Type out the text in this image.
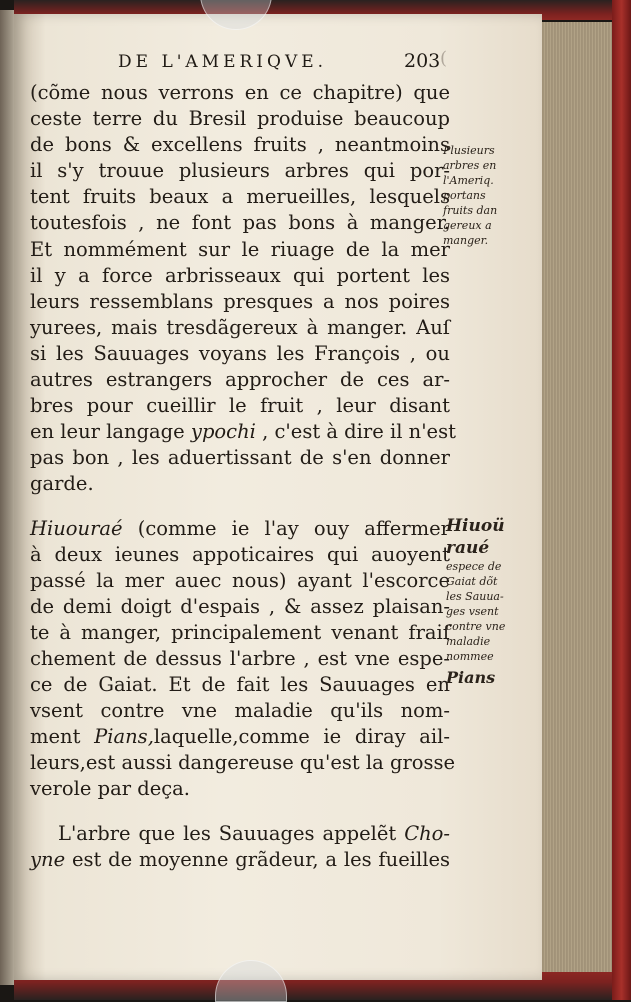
DE L'AMERIQVE.	203 (
(cõme nous verrons en ce chapitre) que
ceste terre du Bresil produise beaucoup
de bons & excellens fruits , neantmoins
il s'y trouue plusieurs arbres qui por-
tent fruits beaux a merueilles, lesquels
toutesfois , ne font pas bons à manger.
Et nommément sur le riuage de la mer
il y a force arbrisseaux qui portent les
leurs ressemblans presques a nos poires
yurees, mais tresdãgereux à manger. Auſ
si les Sauuages voyans les François , ou
autres estrangers approcher de ces ar-
bres pour cueillir le fruit , leur disant
en leur langage ypochi , c'est à dire il n'est
pas bon , les aduertissant de s'en donner
garde.
Hiuouraé (comme ie l'ay ouy affermer
à deux ieunes appoticaires qui auoyent
passé la mer auec nous) ayant l'escorce
de demi doigt d'espais , & assez plaisan-
te à manger, principalement venant fraiſ
chement de dessus l'arbre , est vne espe-
ce de Gaiat. Et de fait les Sauuages en
vsent contre vne maladie qu'ils nom-
ment Pians,laquelle,comme ie diray ail-
leurs,est aussi dangereuse qu'est la grosse
verole par deça.
L'arbre que les Sauuages appelẽt Cho-
yne est de moyenne grãdeur, a les fueilles
Plusieurs
arbres en
l'Ameriq.
portans
fruits dan
gereux a
manger.
Hiuoü
raué
espece de
Gaiat dõt
les Sauua-
ges vsent
contre vne
maladie
nommee
Pians
